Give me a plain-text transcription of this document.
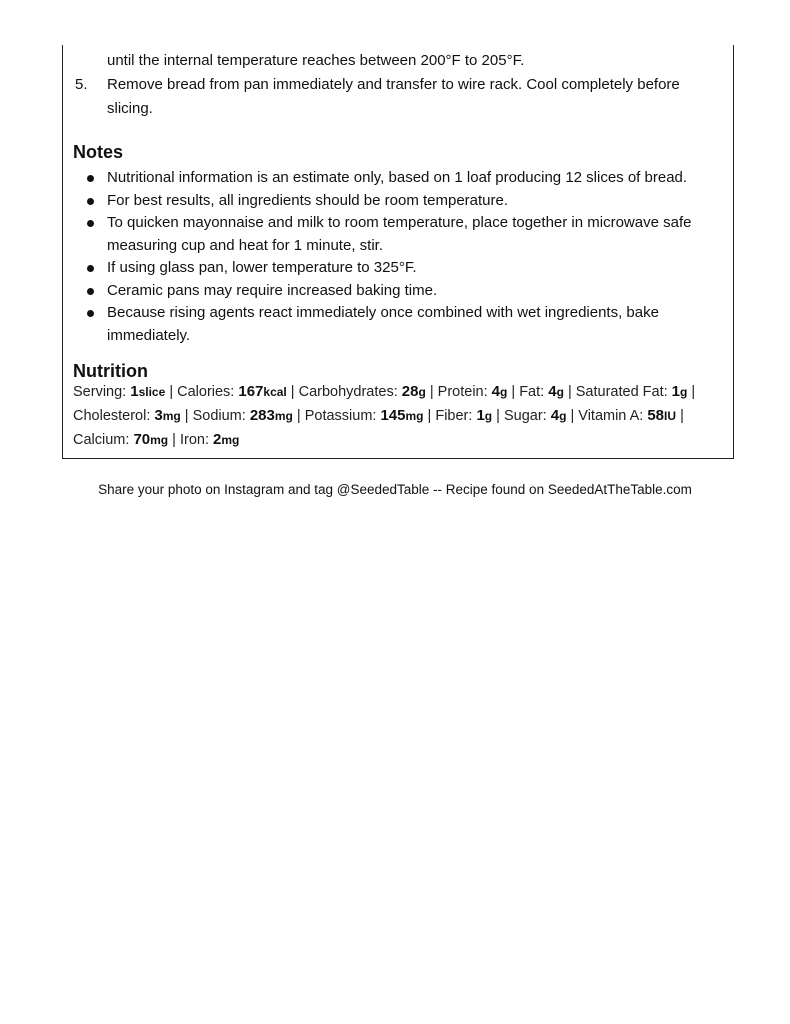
until the internal temperature reaches between 200°F to 205°F.
5.	Remove bread from pan immediately and transfer to wire rack. Cool completely before slicing.
Notes
Nutritional information is an estimate only, based on 1 loaf producing 12 slices of bread.
For best results, all ingredients should be room temperature.
To quicken mayonnaise and milk to room temperature, place together in microwave safe measuring cup and heat for 1 minute, stir.
If using glass pan, lower temperature to 325°F.
Ceramic pans may require increased baking time.
Because rising agents react immediately once combined with wet ingredients, bake immediately.
Nutrition
Serving: 1slice | Calories: 167kcal | Carbohydrates: 28g | Protein: 4g | Fat: 4g | Saturated Fat: 1g | Cholesterol: 3mg | Sodium: 283mg | Potassium: 145mg | Fiber: 1g | Sugar: 4g | Vitamin A: 58IU | Calcium: 70mg | Iron: 2mg
Share your photo on Instagram and tag @SeededTable -- Recipe found on SeededAtTheTable.com
